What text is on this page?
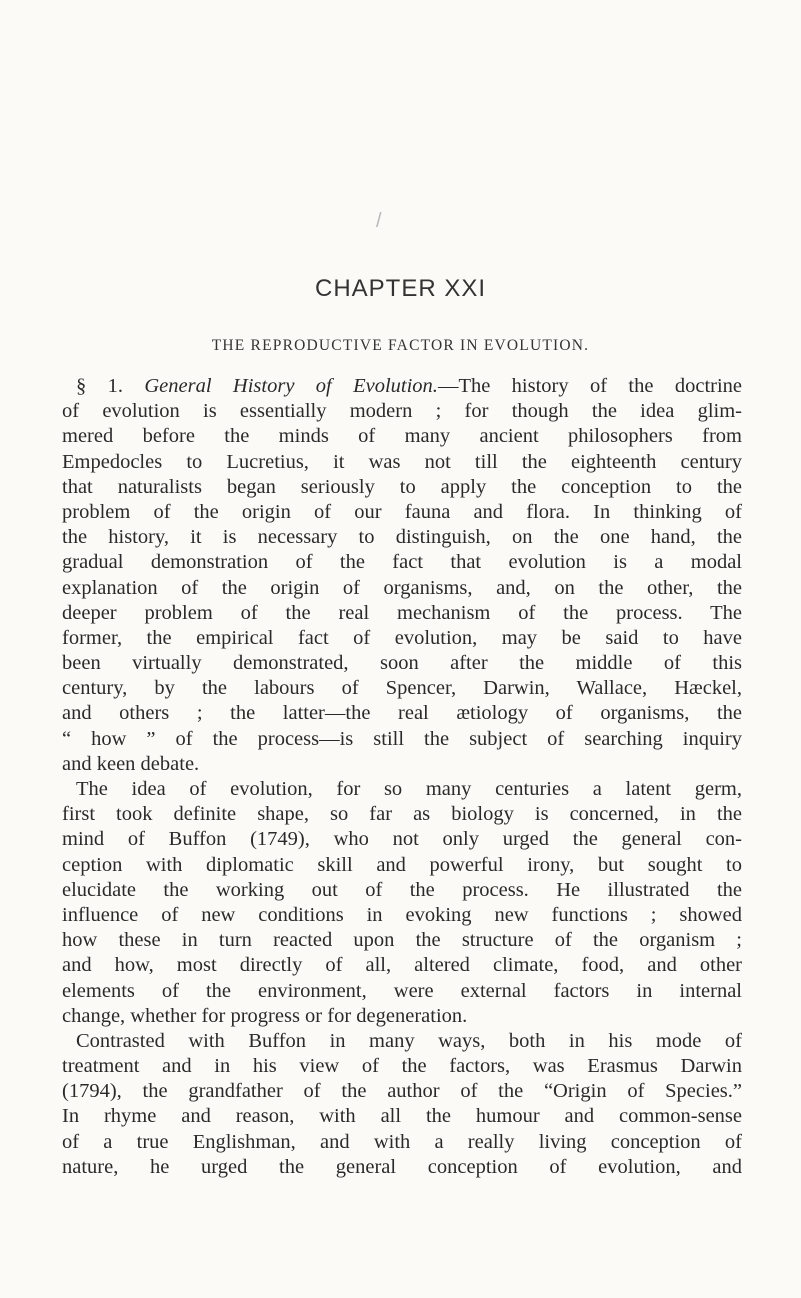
/
CHAPTER XXI
THE REPRODUCTIVE FACTOR IN EVOLUTION.
§ 1. General History of Evolution.—The history of the doctrine
of evolution is essentially modern ; for though the idea glim-
mered before the minds of many ancient philosophers from
Empedocles to Lucretius, it was not till the eighteenth century
that naturalists began seriously to apply the conception to the
problem of the origin of our fauna and flora. In thinking of
the history, it is necessary to distinguish, on the one hand, the
gradual demonstration of the fact that evolution is a modal
explanation of the origin of organisms, and, on the other, the
deeper problem of the real mechanism of the process. The
former, the empirical fact of evolution, may be said to have
been virtually demonstrated, soon after the middle of this
century, by the labours of Spencer, Darwin, Wallace, Hæckel,
and others ; the latter—the real ætiology of organisms, the
“ how ” of the process—is still the subject of searching inquiry
and keen debate.
The idea of evolution, for so many centuries a latent germ,
first took definite shape, so far as biology is concerned, in the
mind of Buffon (1749), who not only urged the general con-
ception with diplomatic skill and powerful irony, but sought to
elucidate the working out of the process. He illustrated the
influence of new conditions in evoking new functions ; showed
how these in turn reacted upon the structure of the organism ;
and how, most directly of all, altered climate, food, and other
elements of the environment, were external factors in internal
change, whether for progress or for degeneration.
Contrasted with Buffon in many ways, both in his mode of
treatment and in his view of the factors, was Erasmus Darwin
(1794), the grandfather of the author of the “Origin of Species.”
In rhyme and reason, with all the humour and common-sense
of a true Englishman, and with a really living conception of
nature, he urged the general conception of evolution, and
